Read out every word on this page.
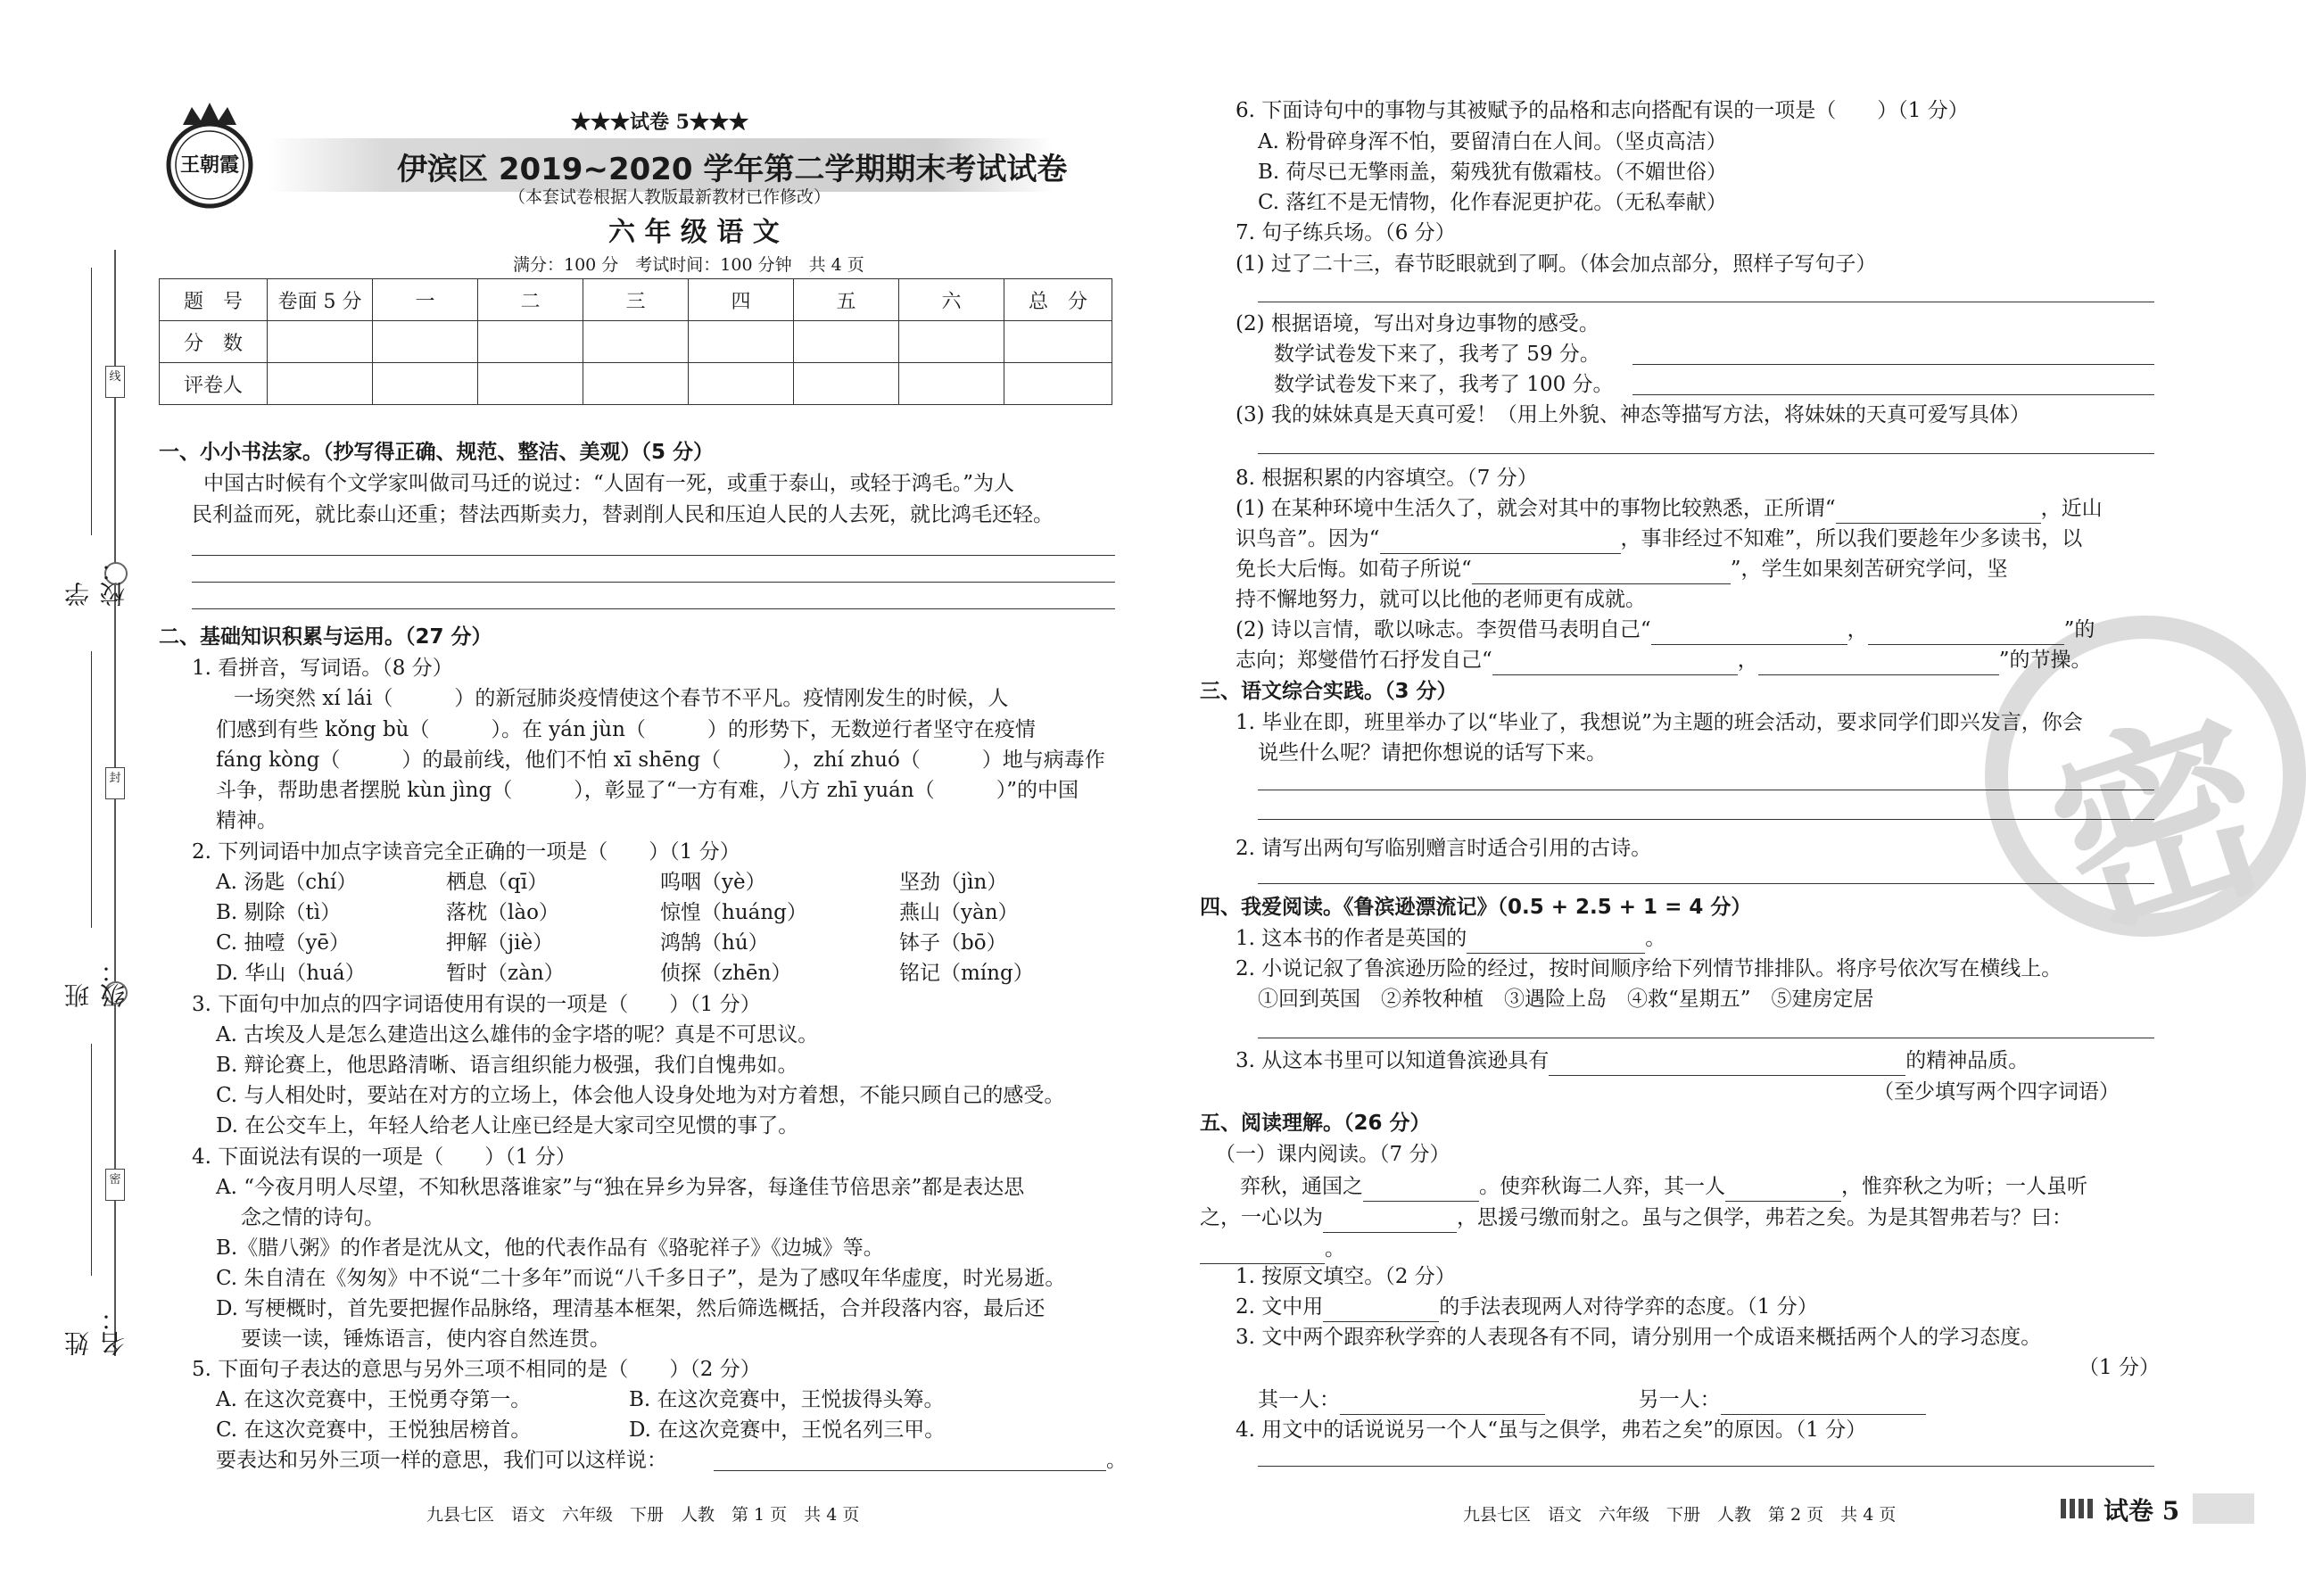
线
封
密
学校：
班级：
姓名：
王朝霞
★★★试卷 5★★★
伊滨区 2019~2020 学年第二学期期末考试试卷
（本套试卷根据人教版最新教材已作修改）
六 年 级 语 文
满分：100 分　考试时间：100 分钟　共 4 页
题　号	卷面 5 分	一	二	三	四	五	六	总　分
分　数								
评卷人								
一、小小书法家。（抄写得正确、规范、整洁、美观）（5 分）
中国古时候有个文学家叫做司马迁的说过：“人固有一死，或重于泰山，或轻于鸿毛。”为人
民利益而死，就比泰山还重；替法西斯卖力，替剥削人民和压迫人民的人去死，就比鸿毛还轻。
二、基础知识积累与运用。（27 分）
1. 看拼音，写词语。（8 分）
一场突然 xí lái（　　　）的新冠肺炎疫情使这个春节不平凡。疫情刚发生的时候，人
们感到有些 kǒng bù（　　　）。在 yán jùn（　　　）的形势下，无数逆行者坚守在疫情
fáng kòng（　　　）的最前线，他们不怕 xī shēng（　　　），zhí zhuó（　　　）地与病毒作
斗争，帮助患者摆脱 kùn jìng（　　　），彰显了“一方有难，八方 zhī yuán（　　　）”的中国
精神。
2. 下列词语中加点字读音完全正确的一项是（　　）（1 分）
A. 汤匙（chí）	栖息（qī）	呜咽（yè）	坚劲（jìn）
B. 剔除（tì）	落枕（lào）	惊惶（huáng）	燕山（yàn）
C. 抽噎（yē）	押解（jiè）	鸿鹄（hú）	钵子（bō）
D. 华山（huá）	暂时（zàn）	侦探（zhēn）	铭记（míng）
3. 下面句中加点的四字词语使用有误的一项是（　　）（1 分）
A. 古埃及人是怎么建造出这么雄伟的金字塔的呢？真是不可思议。
B. 辩论赛上，他思路清晰、语言组织能力极强，我们自愧弗如。
C. 与人相处时，要站在对方的立场上，体会他人设身处地为对方着想，不能只顾自己的感受。
D. 在公交车上，年轻人给老人让座已经是大家司空见惯的事了。
4. 下面说法有误的一项是（　　）（1 分）
A. “今夜月明人尽望，不知秋思落谁家”与“独在异乡为异客，每逢佳节倍思亲”都是表达思
念之情的诗句。
B.《腊八粥》的作者是沈从文，他的代表作品有《骆驼祥子》《边城》等。
C. 朱自清在《匆匆》中不说“二十多年”而说“八千多日子”，是为了感叹年华虚度，时光易逝。
D. 写梗概时，首先要把握作品脉络，理清基本框架，然后筛选概括，合并段落内容，最后还
要读一读，锤炼语言，使内容自然连贯。
5. 下面句子表达的意思与另外三项不相同的是（　　）（2 分）
A. 在这次竞赛中，王悦勇夺第一。	B. 在这次竞赛中，王悦拔得头筹。
C. 在这次竞赛中，王悦独居榜首。	D. 在这次竞赛中，王悦名列三甲。
要表达和另外三项一样的意思，我们可以这样说：	。
九县七区　语文　六年级　下册　人教　第 1 页　共 4 页
密
6. 下面诗句中的事物与其被赋予的品格和志向搭配有误的一项是（　　）（1 分）
A. 粉骨碎身浑不怕，要留清白在人间。（坚贞高洁）
B. 荷尽已无擎雨盖，菊残犹有傲霜枝。（不媚世俗）
C. 落红不是无情物，化作春泥更护花。（无私奉献）
7. 句子练兵场。（6 分）
(1) 过了二十三，春节眨眼就到了啊。（体会加点部分，照样子写句子）
(2) 根据语境，写出对身边事物的感受。
数学试卷发下来了，我考了 59 分。
数学试卷发下来了，我考了 100 分。
(3) 我的妹妹真是天真可爱！（用上外貌、神态等描写方法，将妹妹的天真可爱写具体）
8. 根据积累的内容填空。（7 分）
(1) 在某种环境中生活久了，就会对其中的事物比较熟悉，正所谓“	，近山
识鸟音”。因为“	，事非经过不知难”，所以我们要趁年少多读书，以
免长大后悔。如荀子所说“	”，学生如果刻苦研究学问，坚
持不懈地努力，就可以比他的老师更有成就。
(2) 诗以言情，歌以咏志。李贺借马表明自己“	，	”的
志向；郑燮借竹石抒发自己“	，	”的节操。
三、语文综合实践。（3 分）
1. 毕业在即，班里举办了以“毕业了，我想说”为主题的班会活动，要求同学们即兴发言，你会
说些什么呢？请把你想说的话写下来。
2. 请写出两句写临别赠言时适合引用的古诗。
四、我爱阅读。《鲁滨逊漂流记》（0.5 + 2.5 + 1 = 4 分）
1. 这本书的作者是英国的	。
2. 小说记叙了鲁滨逊历险的经过，按时间顺序给下列情节排排队。将序号依次写在横线上。
①回到英国　②养牧种植　③遇险上岛　④救“星期五”　⑤建房定居
3. 从这本书里可以知道鲁滨逊具有	的精神品质。
（至少填写两个四字词语）
五、阅读理解。（26 分）
（一）课内阅读。（7 分）
弈秋，通国之	。使弈秋诲二人弈，其一人	，惟弈秋之为听；一人虽听
之，一心以为	，思援弓缴而射之。虽与之俱学，弗若之矣。为是其智弗若与？曰：
。
1. 按原文填空。（2 分）
2. 文中用	的手法表现两人对待学弈的态度。（1 分）
3. 文中两个跟弈秋学弈的人表现各有不同，请分别用一个成语来概括两个人的学习态度。
（1 分）
其一人：	另一人：
4. 用文中的话说说另一个人“虽与之俱学，弗若之矣”的原因。（1 分）
九县七区　语文　六年级　下册　人教　第 2 页　共 4 页	试卷 5
